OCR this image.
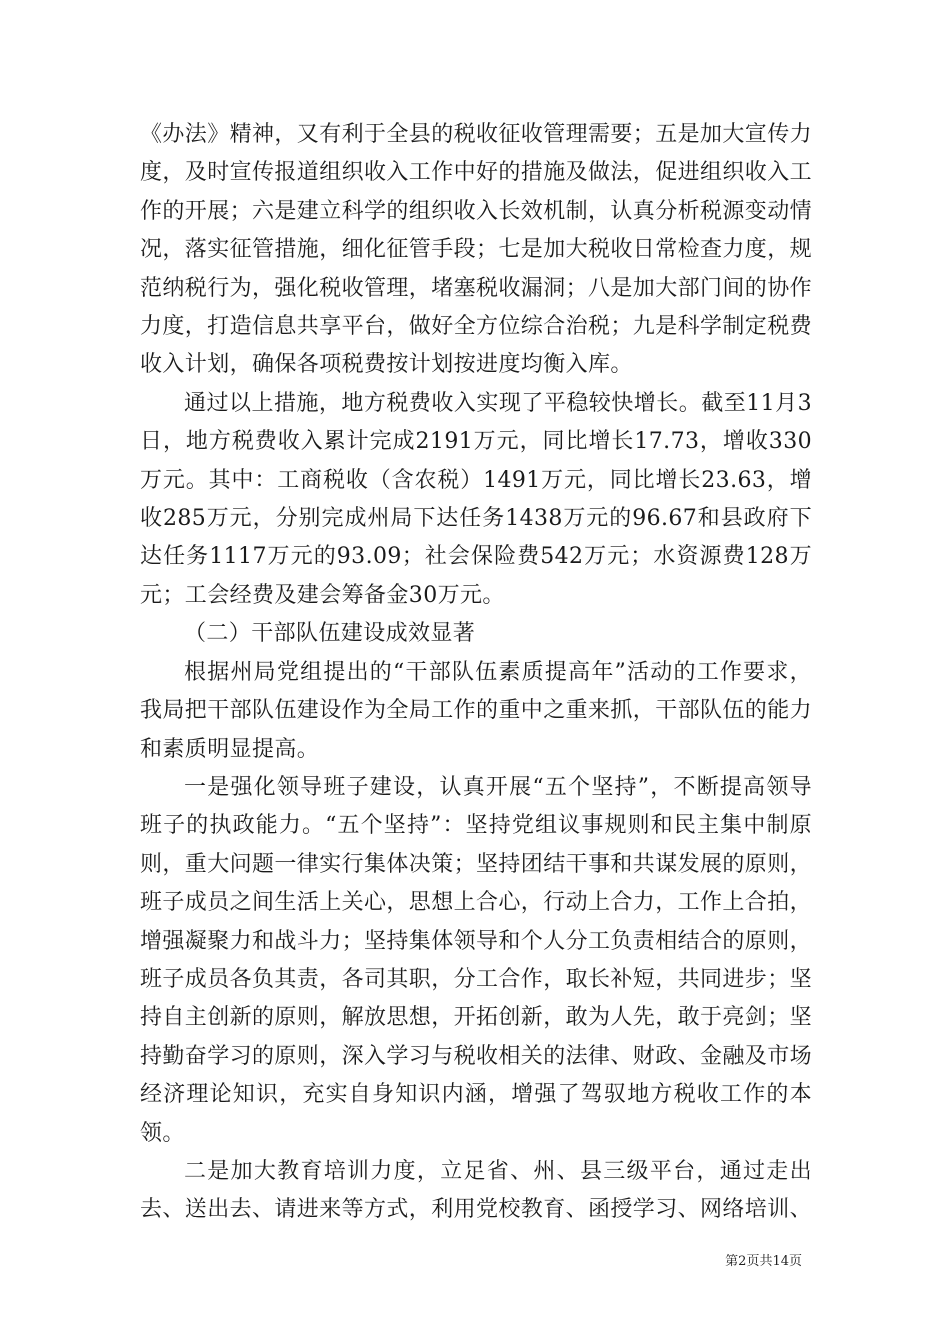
《办法》精神，又有利于全县的税收征收管理需要；五是加大宣传力度，及时宣传报道组织收入工作中好的措施及做法，促进组织收入工作的开展；六是建立科学的组织收入长效机制，认真分析税源变动情况，落实征管措施，细化征管手段；七是加大税收日常检查力度，规范纳税行为，强化税收管理，堵塞税收漏洞；八是加大部门间的协作力度，打造信息共享平台，做好全方位综合治税；九是科学制定税费收入计划，确保各项税费按计划按进度均衡入库。

通过以上措施，地方税费收入实现了平稳较快增长。截至11月3日，地方税费收入累计完成2191万元，同比增长17.73，增收330万元。其中：工商税收（含农税）1491万元，同比增长23.63，增收285万元，分别完成州局下达任务1438万元的96.67和县政府下达任务1117万元的93.09；社会保险费542万元；水资源费128万元；工会经费及建会筹备金30万元。

（二）干部队伍建设成效显著

根据州局党组提出的“干部队伍素质提高年”活动的工作要求，我局把干部队伍建设作为全局工作的重中之重来抓，干部队伍的能力和素质明显提高。

一是强化领导班子建设，认真开展“五个坚持”，不断提高领导班子的执政能力。“五个坚持”：坚持党组议事规则和民主集中制原则，重大问题一律实行集体决策；坚持团结干事和共谋发展的原则，班子成员之间生活上关心，思想上合心，行动上合力，工作上合拍，增强凝聚力和战斗力；坚持集体领导和个人分工负责相结合的原则，班子成员各负其责，各司其职，分工合作，取长补短，共同进步；坚持自主创新的原则，解放思想，开拓创新，敢为人先，敢于亮剑；坚持勤奋学习的原则，深入学习与税收相关的法律、财政、金融及市场经济理论知识，充实自身知识内涵，增强了驾驭地方税收工作的本领。

二是加大教育培训力度，立足省、州、县三级平台，通过走出去、送出去、请进来等方式，利用党校教育、函授学习、网络培训、

第2页共14页
